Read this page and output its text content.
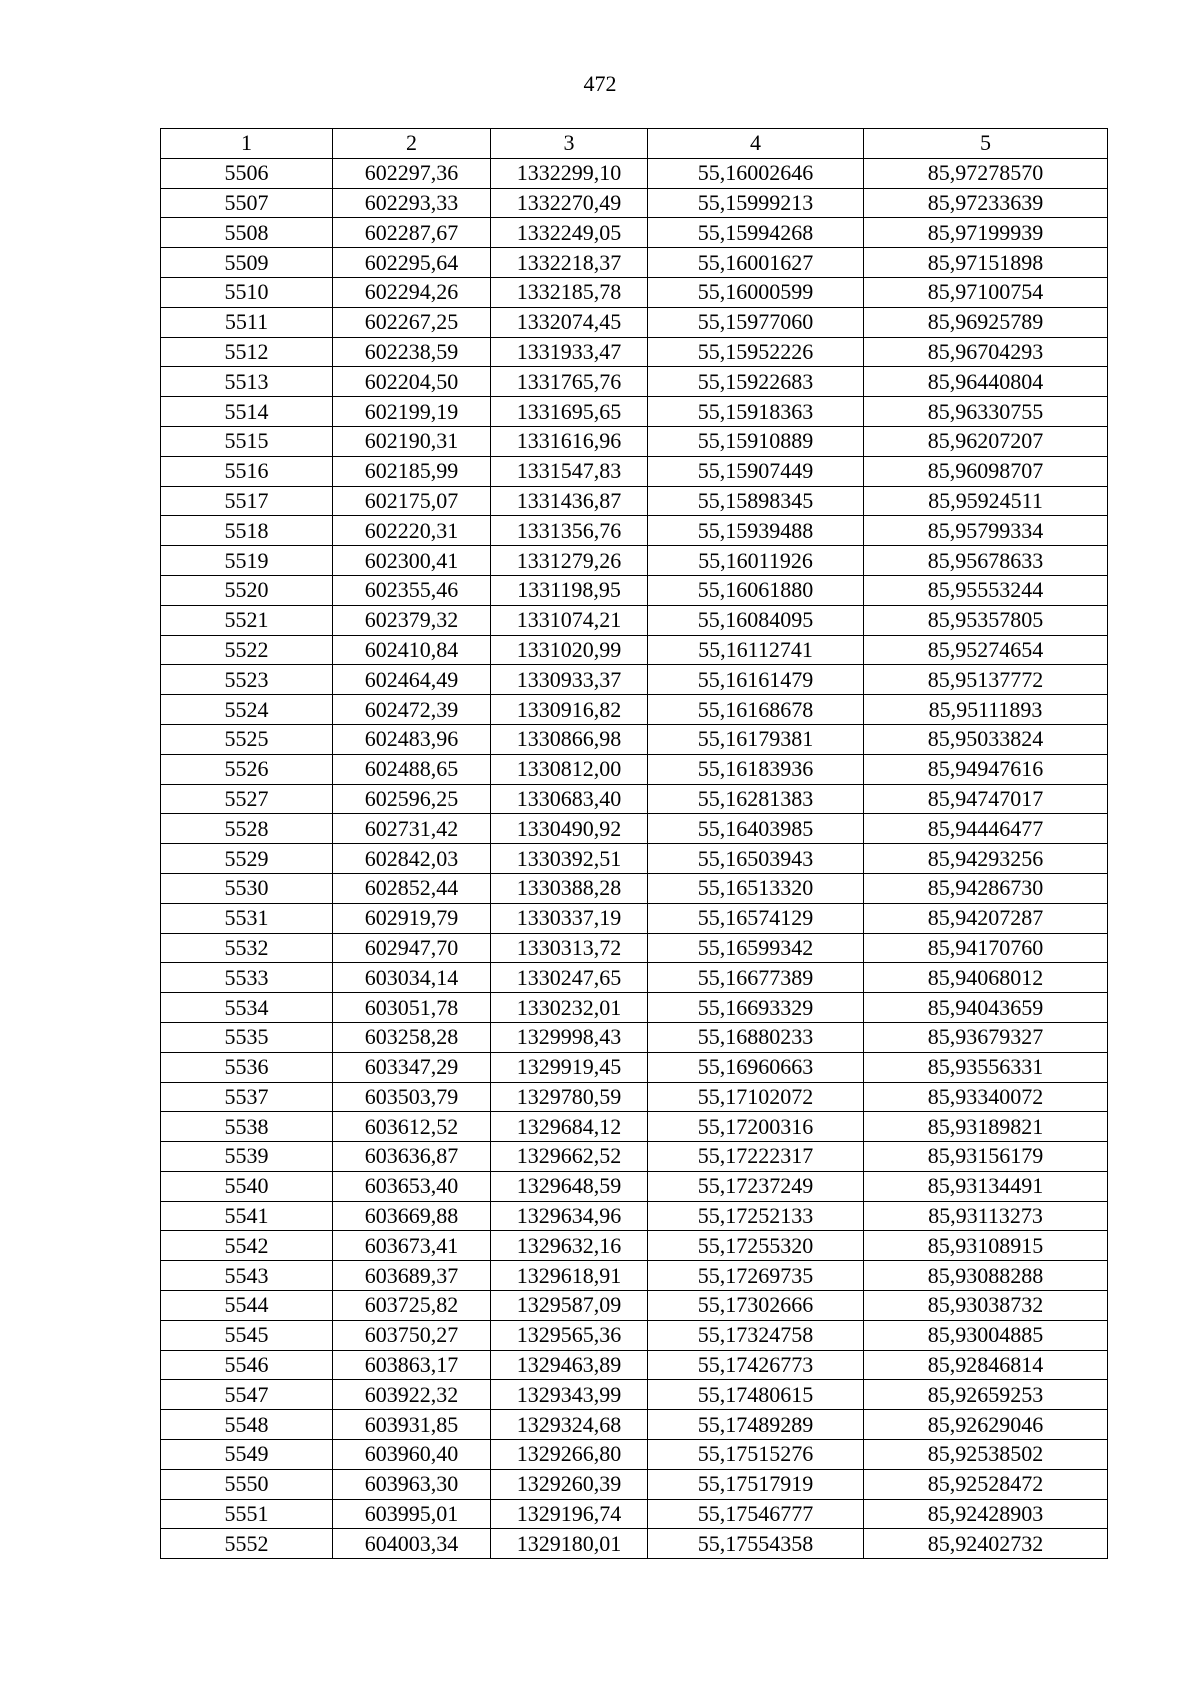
472
1	2	3	4	5
5506	602297,36	1332299,10	55,16002646	85,97278570
5507	602293,33	1332270,49	55,15999213	85,97233639
5508	602287,67	1332249,05	55,15994268	85,97199939
5509	602295,64	1332218,37	55,16001627	85,97151898
5510	602294,26	1332185,78	55,16000599	85,97100754
5511	602267,25	1332074,45	55,15977060	85,96925789
5512	602238,59	1331933,47	55,15952226	85,96704293
5513	602204,50	1331765,76	55,15922683	85,96440804
5514	602199,19	1331695,65	55,15918363	85,96330755
5515	602190,31	1331616,96	55,15910889	85,96207207
5516	602185,99	1331547,83	55,15907449	85,96098707
5517	602175,07	1331436,87	55,15898345	85,95924511
5518	602220,31	1331356,76	55,15939488	85,95799334
5519	602300,41	1331279,26	55,16011926	85,95678633
5520	602355,46	1331198,95	55,16061880	85,95553244
5521	602379,32	1331074,21	55,16084095	85,95357805
5522	602410,84	1331020,99	55,16112741	85,95274654
5523	602464,49	1330933,37	55,16161479	85,95137772
5524	602472,39	1330916,82	55,16168678	85,95111893
5525	602483,96	1330866,98	55,16179381	85,95033824
5526	602488,65	1330812,00	55,16183936	85,94947616
5527	602596,25	1330683,40	55,16281383	85,94747017
5528	602731,42	1330490,92	55,16403985	85,94446477
5529	602842,03	1330392,51	55,16503943	85,94293256
5530	602852,44	1330388,28	55,16513320	85,94286730
5531	602919,79	1330337,19	55,16574129	85,94207287
5532	602947,70	1330313,72	55,16599342	85,94170760
5533	603034,14	1330247,65	55,16677389	85,94068012
5534	603051,78	1330232,01	55,16693329	85,94043659
5535	603258,28	1329998,43	55,16880233	85,93679327
5536	603347,29	1329919,45	55,16960663	85,93556331
5537	603503,79	1329780,59	55,17102072	85,93340072
5538	603612,52	1329684,12	55,17200316	85,93189821
5539	603636,87	1329662,52	55,17222317	85,93156179
5540	603653,40	1329648,59	55,17237249	85,93134491
5541	603669,88	1329634,96	55,17252133	85,93113273
5542	603673,41	1329632,16	55,17255320	85,93108915
5543	603689,37	1329618,91	55,17269735	85,93088288
5544	603725,82	1329587,09	55,17302666	85,93038732
5545	603750,27	1329565,36	55,17324758	85,93004885
5546	603863,17	1329463,89	55,17426773	85,92846814
5547	603922,32	1329343,99	55,17480615	85,92659253
5548	603931,85	1329324,68	55,17489289	85,92629046
5549	603960,40	1329266,80	55,17515276	85,92538502
5550	603963,30	1329260,39	55,17517919	85,92528472
5551	603995,01	1329196,74	55,17546777	85,92428903
5552	604003,34	1329180,01	55,17554358	85,92402732
